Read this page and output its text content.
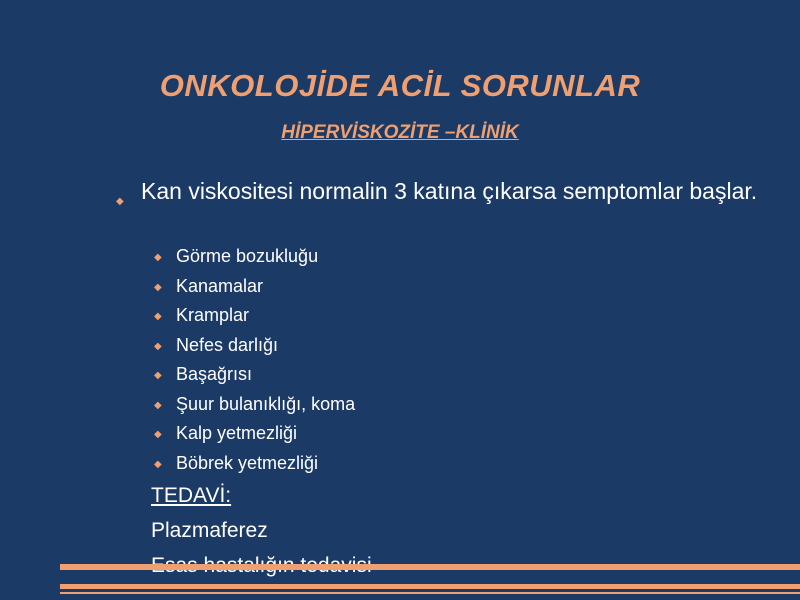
ONKOLOJİDE ACİL SORUNLAR
HİPERVİSKOZİTE –KLİNİK
◆ Kan viskositesi normalin 3 katına çıkarsa semptomlar başlar.
◆ Görme bozukluğu
◆ Kanamalar
◆ Kramplar
◆ Nefes darlığı
◆ Başağrısı
◆ Şuur bulanıklığı, koma
◆ Kalp yetmezliği
◆ Böbrek yetmezliği
TEDAVİ:
Plazmaferez
